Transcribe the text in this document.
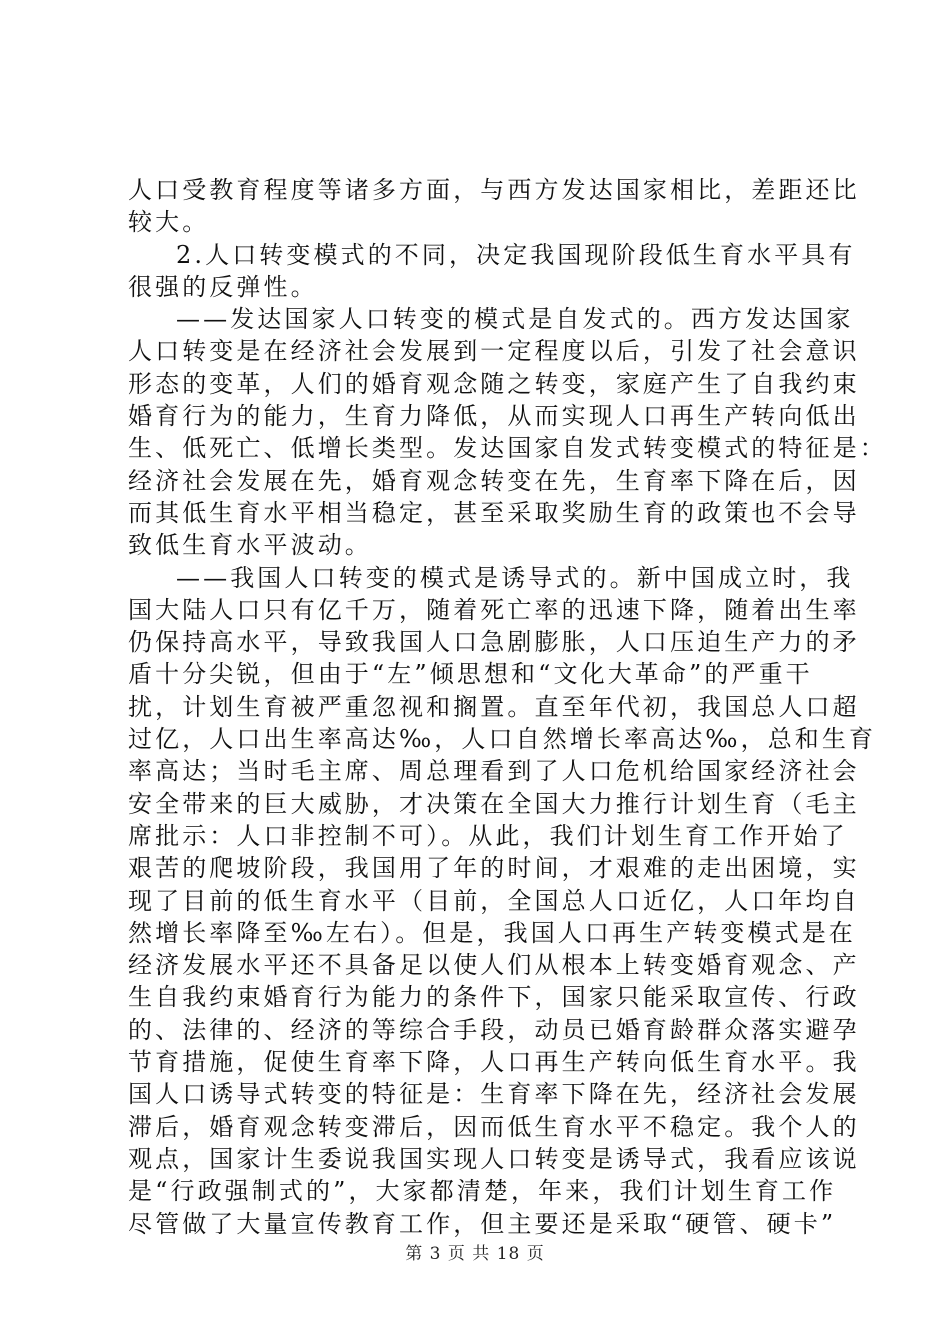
人口受教育程度等诸多方面，与西方发达国家相比，差距还比
较大。
2.人口转变模式的不同，决定我国现阶段低生育水平具有
很强的反弹性。
——发达国家人口转变的模式是自发式的。西方发达国家
人口转变是在经济社会发展到一定程度以后，引发了社会意识
形态的变革，人们的婚育观念随之转变，家庭产生了自我约束
婚育行为的能力，生育力降低，从而实现人口再生产转向低出
生、低死亡、低增长类型。发达国家自发式转变模式的特征是：
经济社会发展在先，婚育观念转变在先，生育率下降在后，因
而其低生育水平相当稳定，甚至采取奖励生育的政策也不会导
致低生育水平波动。
——我国人口转变的模式是诱导式的。新中国成立时，我
国大陆人口只有亿千万，随着死亡率的迅速下降，随着出生率
仍保持高水平，导致我国人口急剧膨胀，人口压迫生产力的矛
盾十分尖锐，但由于“左”倾思想和“文化大革命”的严重干
扰，计划生育被严重忽视和搁置。直至年代初，我国总人口超
过亿，人口出生率高达‰，人口自然增长率高达‰，总和生育
率高达；当时毛主席、周总理看到了人口危机给国家经济社会
安全带来的巨大威胁，才决策在全国大力推行计划生育（毛主
席批示：人口非控制不可）。从此，我们计划生育工作开始了
艰苦的爬坡阶段，我国用了年的时间，才艰难的走出困境，实
现了目前的低生育水平（目前，全国总人口近亿，人口年均自
然增长率降至‰左右）。但是，我国人口再生产转变模式是在
经济发展水平还不具备足以使人们从根本上转变婚育观念、产
生自我约束婚育行为能力的条件下，国家只能采取宣传、行政
的、法律的、经济的等综合手段，动员已婚育龄群众落实避孕
节育措施，促使生育率下降，人口再生产转向低生育水平。我
国人口诱导式转变的特征是：生育率下降在先，经济社会发展
滞后，婚育观念转变滞后，因而低生育水平不稳定。我个人的
观点，国家计生委说我国实现人口转变是诱导式，我看应该说
是“行政强制式的”，大家都清楚，年来，我们计划生育工作
尽管做了大量宣传教育工作，但主要还是采取“硬管、硬卡”
第 3 页 共 18 页
